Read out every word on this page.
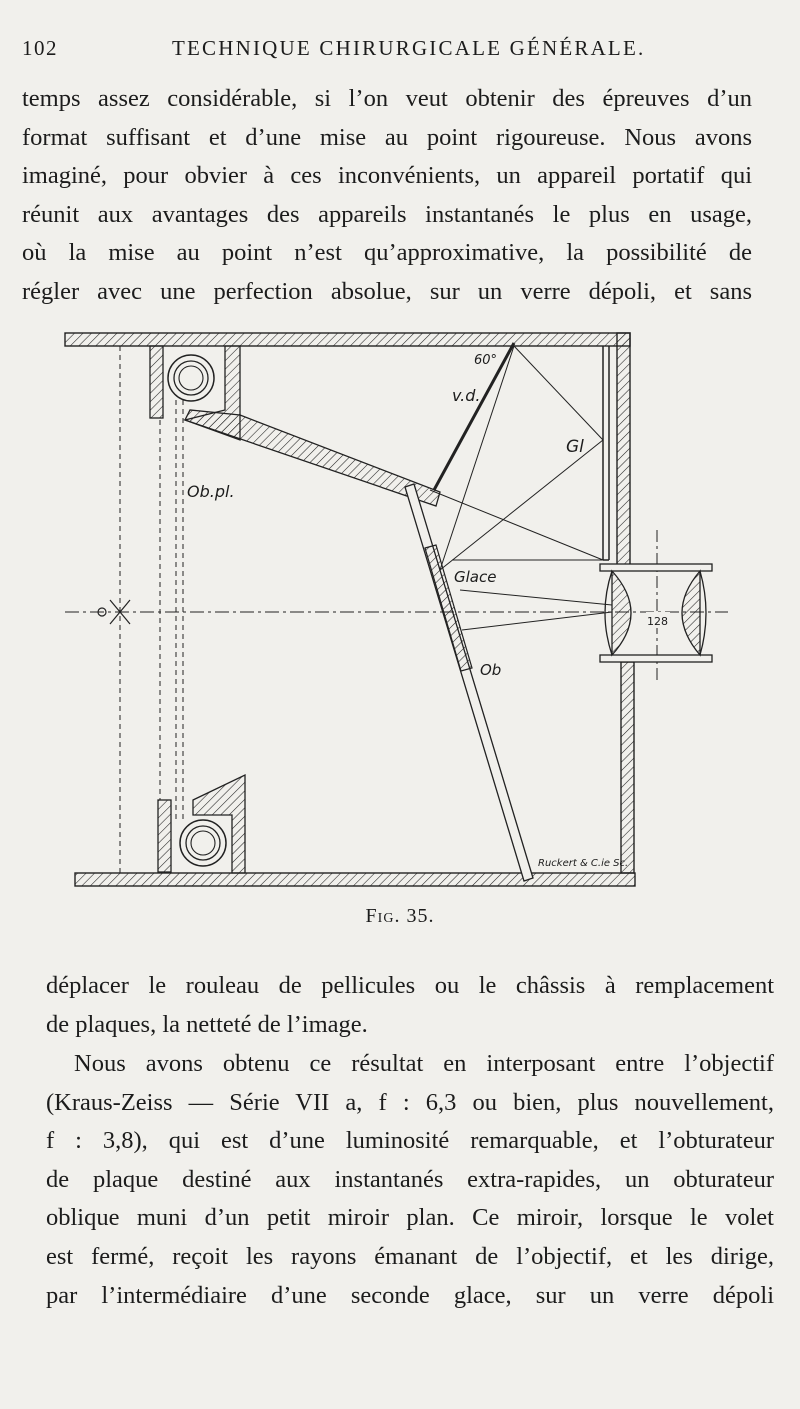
102	TECHNIQUE CHIRURGICALE GÉNÉRALE.
temps assez considérable, si l’on veut obtenir des épreuves d’un
format suffisant et d’une mise au point rigoureuse. Nous avons
imaginé, pour obvier à ces inconvénients, un appareil portatif qui
réunit aux avantages des appareils instantanés le plus en usage,
où la mise au point n’est qu’approximative, la possibilité de
régler avec une perfection absolue, sur un verre dépoli, et sans
60°
v.d.
Gl
Ob.pl.
Glace
Ob
128
Ruckert & C.ie Sc.
Fig. 35.
déplacer le rouleau de pellicules ou le châssis à remplacement
de plaques, la netteté de l’image.
Nous avons obtenu ce résultat en interposant entre l’objectif
(Kraus-Zeiss — Série VII a, f : 6,3 ou bien, plus nouvellement,
f : 3,8), qui est d’une luminosité remarquable, et l’obturateur
de plaque destiné aux instantanés extra-rapides, un obturateur
oblique muni d’un petit miroir plan. Ce miroir, lorsque le volet
est fermé, reçoit les rayons émanant de l’objectif, et les dirige,
par l’intermédiaire d’une seconde glace, sur un verre dépoli
